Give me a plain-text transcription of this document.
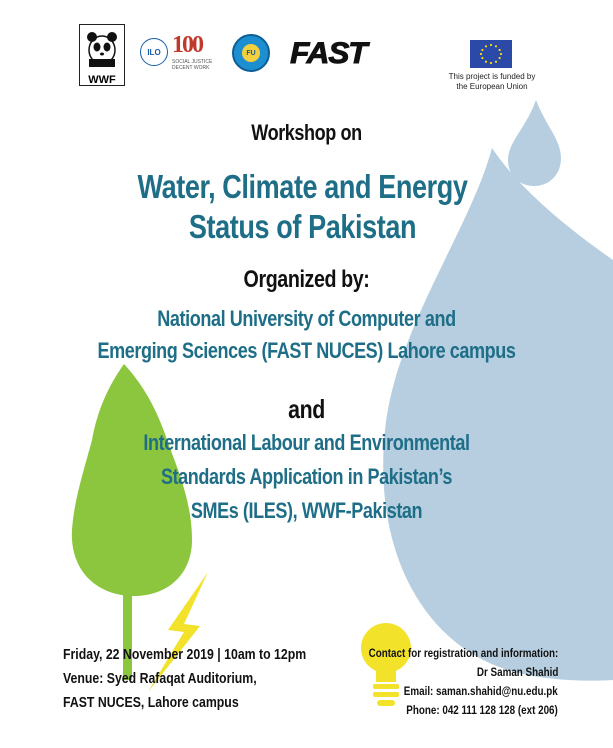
WWF
ILO 100
SOCIAL JUSTICE
DECENT WORK
FU FAST
This project is funded by
the European Union
Workshop on
Water, Climate and Energy
Status of Pakistan
Organized by:
National University of Computer and
Emerging Sciences (FAST NUCES) Lahore campus
and
International Labour and Environmental
Standards Application in Pakistan’s
SMEs (ILES), WWF-Pakistan
Friday, 22 November 2019 | 10am to 12pm
Venue: Syed Rafaqat Auditorium,
FAST NUCES, Lahore campus
Contact for registration and information:
Dr Saman Shahid
Email: saman.shahid@nu.edu.pk
Phone: 042 111 128 128 (ext 206)
